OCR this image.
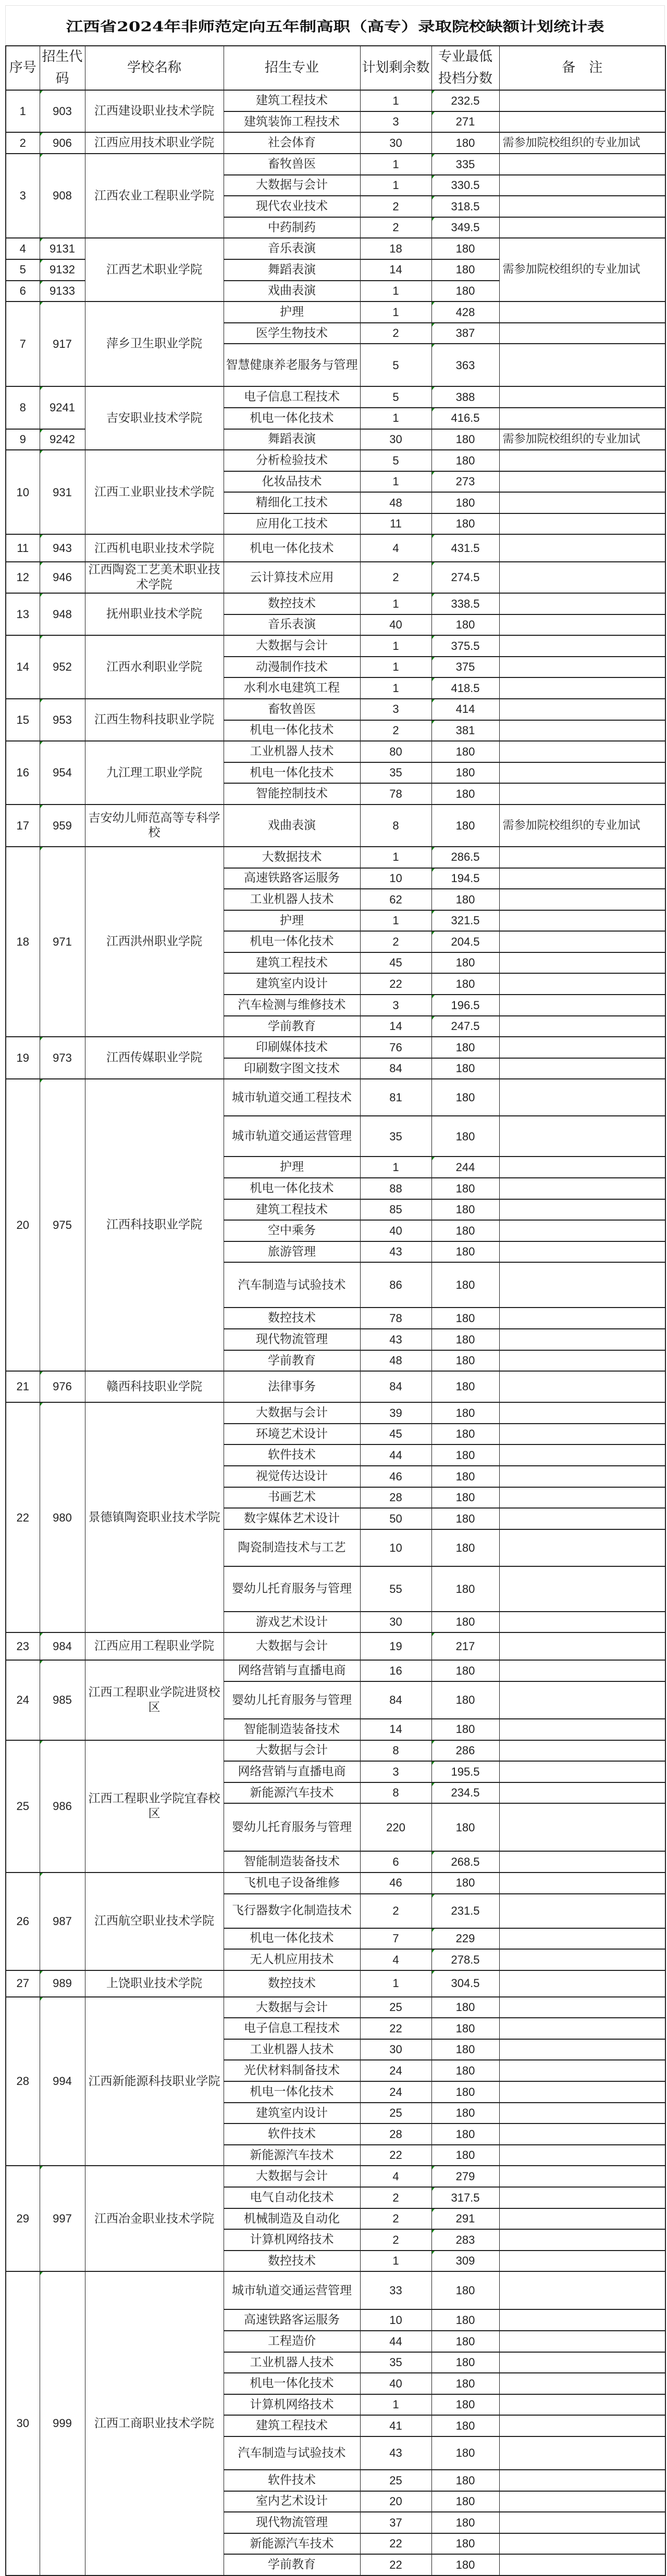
江西省2024年非师范定向五年制高职（高专）录取院校缺额计划统计表
序号	招生代码	学校名称	招生专业	计划剩余数	专业最低投档分数	备　注
1	903	江西建设职业技术学院	建筑工程技术	1	232.5	
			建筑装饰工程技术	3	271	
2	906	江西应用技术职业学院	社会体育	30	180	需参加院校组织的专业加试
3	908	江西农业工程职业学院	畜牧兽医	1	335	
			大数据与会计	1	330.5	
			现代农业技术	2	318.5	
			中药制药	2	349.5	
4	9131	江西艺术职业学院	音乐表演	18	180	需参加院校组织的专业加试
5	9132		舞蹈表演	14	180	
6	9133		戏曲表演	1	180	
7	917	萍乡卫生职业学院	护理	1	428	
			医学生物技术	2	387	
			智慧健康养老服务与管理	5	363	
8	9241	吉安职业技术学院	电子信息工程技术	5	388	
			机电一体化技术	1	416.5	
9	9242		舞蹈表演	30	180	需参加院校组织的专业加试
10	931	江西工业职业技术学院	分析检验技术	5	180	
			化妆品技术	1	273	
			精细化工技术	48	180	
			应用化工技术	11	180	
11	943	江西机电职业技术学院	机电一体化技术	4	431.5	
12	946	江西陶瓷工艺美术职业技术学院	云计算技术应用	2	274.5	
13	948	抚州职业技术学院	数控技术	1	338.5	
			音乐表演	40	180	
14	952	江西水利职业学院	大数据与会计	1	375.5	
			动漫制作技术	1	375	
			水利水电建筑工程	1	418.5	
15	953	江西生物科技职业学院	畜牧兽医	3	414	
			机电一体化技术	2	381	
16	954	九江理工职业学院	工业机器人技术	80	180	
			机电一体化技术	35	180	
			智能控制技术	78	180	
17	959	吉安幼儿师范高等专科学校	戏曲表演	8	180	需参加院校组织的专业加试
18	971	江西洪州职业学院	大数据技术	1	286.5	
			高速铁路客运服务	10	194.5	
			工业机器人技术	62	180	
			护理	1	321.5	
			机电一体化技术	2	204.5	
			建筑工程技术	45	180	
			建筑室内设计	22	180	
			汽车检测与维修技术	3	196.5	
			学前教育	14	247.5	
19	973	江西传媒职业学院	印刷媒体技术	76	180	
			印刷数字图文技术	84	180	
20	975	江西科技职业学院	城市轨道交通工程技术	81	180	
			城市轨道交通运营管理	35	180	
			护理	1	244	
			机电一体化技术	88	180	
			建筑工程技术	85	180	
			空中乘务	40	180	
			旅游管理	43	180	
			汽车制造与试验技术	86	180	
			数控技术	78	180	
			现代物流管理	43	180	
			学前教育	48	180	
21	976	赣西科技职业学院	法律事务	84	180	
22	980	景德镇陶瓷职业技术学院	大数据与会计	39	180	
			环境艺术设计	45	180	
			软件技术	44	180	
			视觉传达设计	46	180	
			书画艺术	28	180	
			数字媒体艺术设计	50	180	
			陶瓷制造技术与工艺	10	180	
			婴幼儿托育服务与管理	55	180	
			游戏艺术设计	30	180	
23	984	江西应用工程职业学院	大数据与会计	19	217	
24	985	江西工程职业学院进贤校区	网络营销与直播电商	16	180	
			婴幼儿托育服务与管理	84	180	
			智能制造装备技术	14	180	
25	986	江西工程职业学院宜春校区	大数据与会计	8	286	
			网络营销与直播电商	3	195.5	
			新能源汽车技术	8	234.5	
			婴幼儿托育服务与管理	220	180	
			智能制造装备技术	6	268.5	
26	987	江西航空职业技术学院	飞机电子设备维修	46	180	
			飞行器数字化制造技术	2	231.5	
			机电一体化技术	7	229	
			无人机应用技术	4	278.5	
27	989	上饶职业技术学院	数控技术	1	304.5	
28	994	江西新能源科技职业学院	大数据与会计	25	180	
			电子信息工程技术	22	180	
			工业机器人技术	30	180	
			光伏材料制备技术	24	180	
			机电一体化技术	24	180	
			建筑室内设计	25	180	
			软件技术	28	180	
			新能源汽车技术	22	180	
29	997	江西冶金职业技术学院	大数据与会计	4	279	
			电气自动化技术	2	317.5	
			机械制造及自动化	2	291	
			计算机网络技术	2	283	
			数控技术	1	309	
30	999	江西工商职业技术学院	城市轨道交通运营管理	33	180	
			高速铁路客运服务	10	180	
			工程造价	44	180	
			工业机器人技术	35	180	
			机电一体化技术	40	180	
			计算机网络技术	1	180	
			建筑工程技术	41	180	
			汽车制造与试验技术	43	180	
			软件技术	25	180	
			室内艺术设计	20	180	
			现代物流管理	37	180	
			新能源汽车技术	22	180	
			学前教育	22	180	
